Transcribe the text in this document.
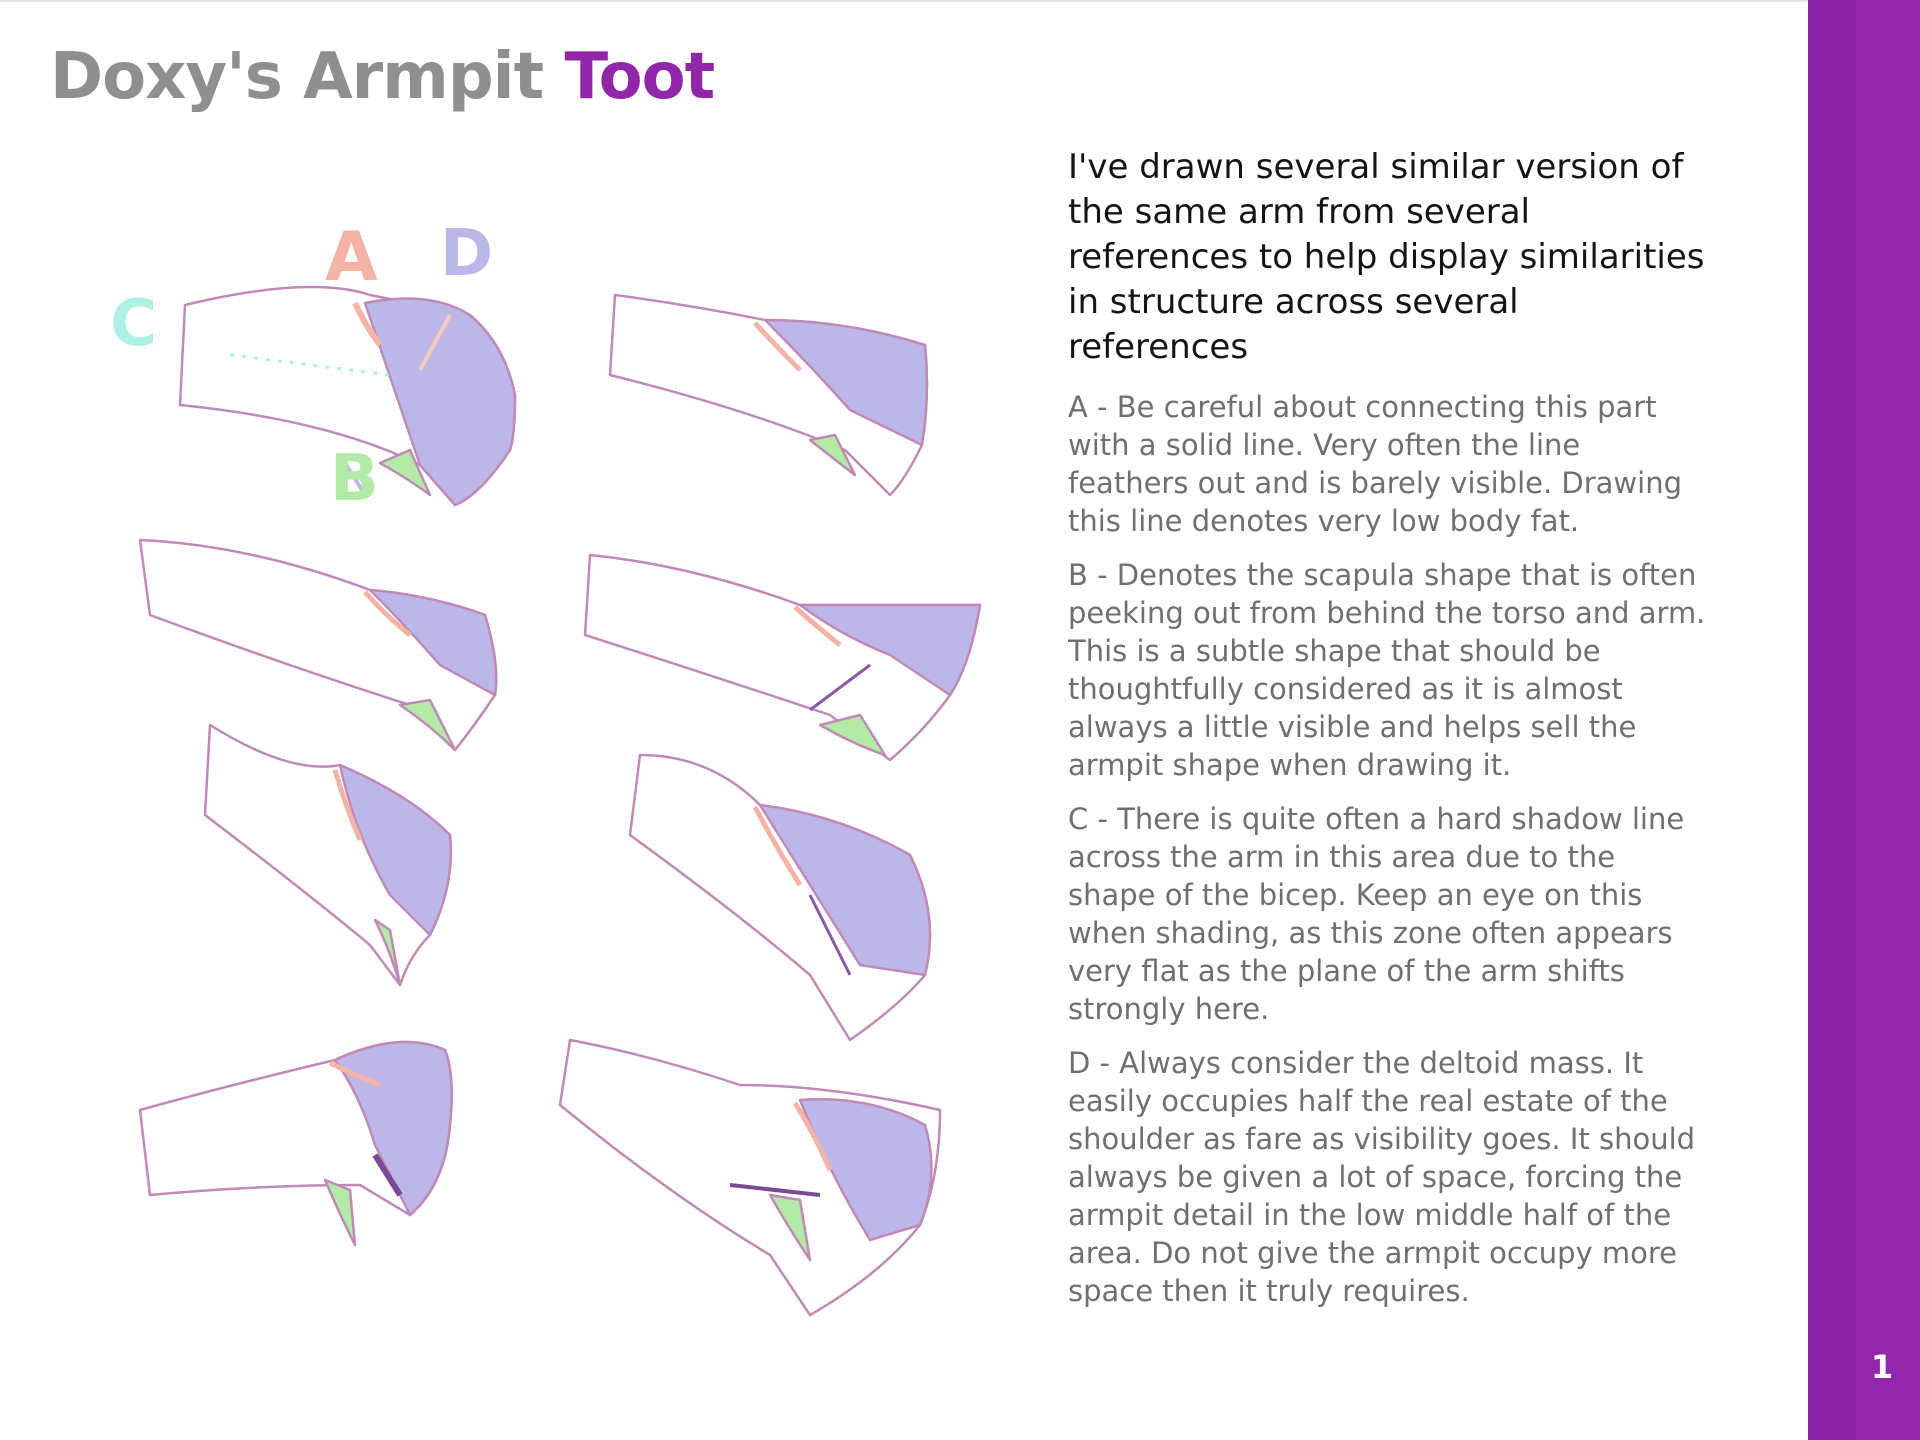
Doxy's Armpit Toot
1
A D
C
B

I've drawn several similar version of the same arm from several references to help display similarities in structure across several references

A - Be careful about connecting this part with a solid line. Very often the line feathers out and is barely visible. Drawing this line denotes very low body fat.

B - Denotes the scapula shape that is often peeking out from behind the torso and arm. This is a subtle shape that should be thoughtfully considered as it is almost always a little visible and helps sell the armpit shape when drawing it.

C - There is quite often a hard shadow line across the arm in this area due to the shape of the bicep. Keep an eye on this when shading, as this zone often appears very flat as the plane of the arm shifts strongly here.

D - Always consider the deltoid mass. It easily occupies half the real estate of the shoulder as fare as visibility goes. It should always be given a lot of space, forcing the armpit detail in the low middle half of the area. Do not give the armpit occupy more space then it truly requires.
